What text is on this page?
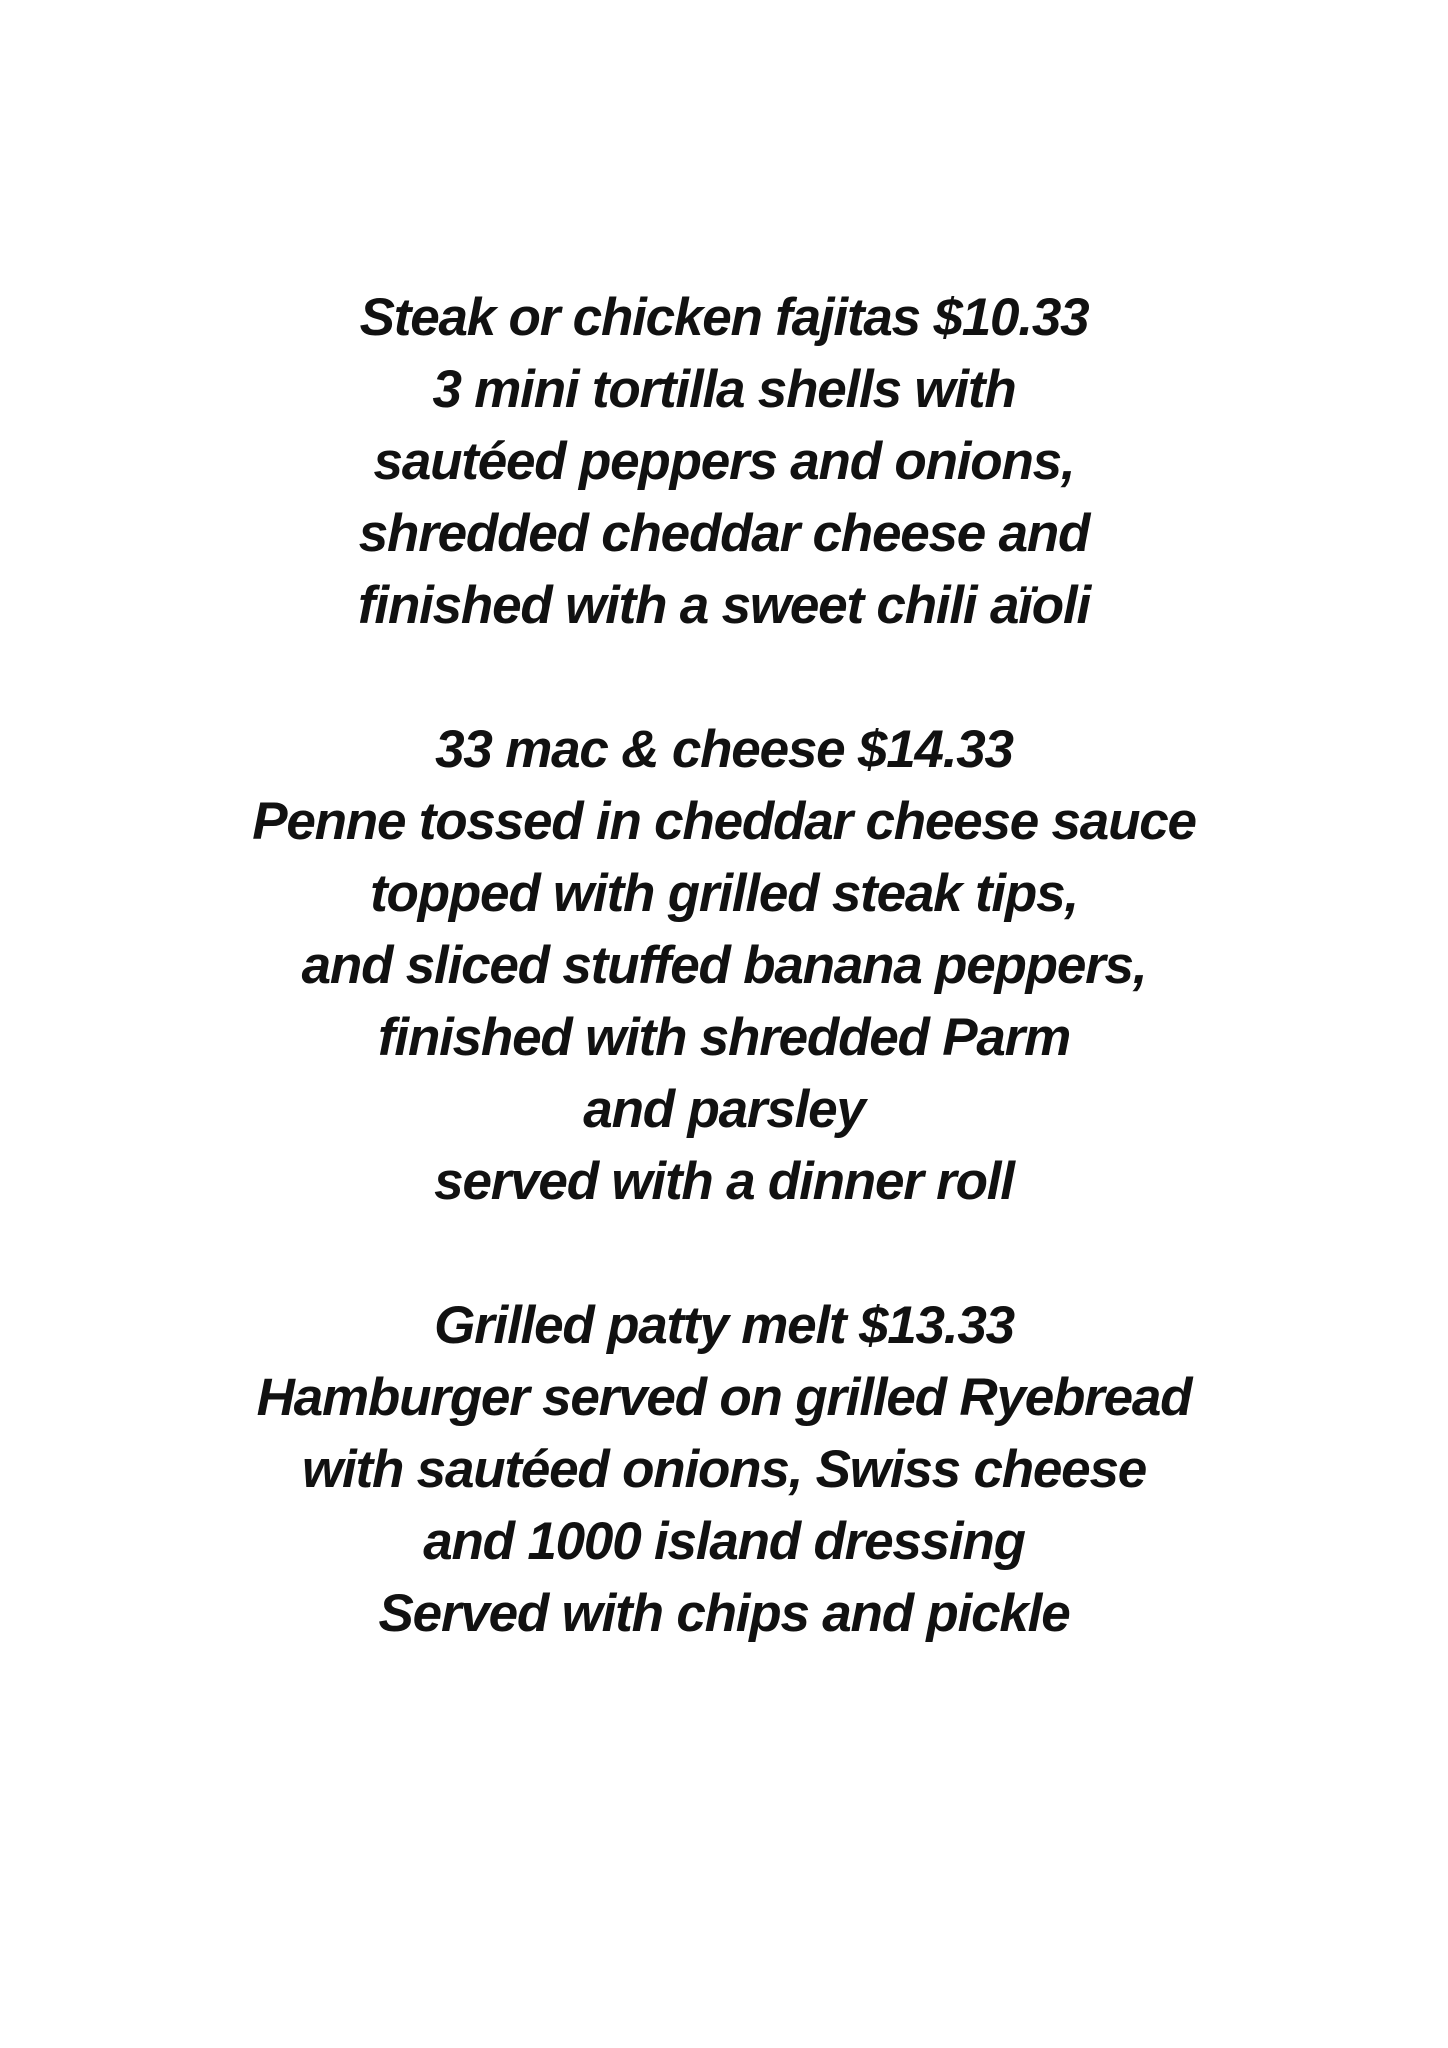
Steak or chicken fajitas $10.33
3 mini tortilla shells with
sautéed peppers and onions,
shredded cheddar cheese and
finished with a sweet chili aïoli
33 mac & cheese $14.33
Penne tossed in cheddar cheese sauce
topped with grilled steak tips,
and sliced stuffed banana peppers,
finished with shredded Parm
and parsley
served with a dinner roll
Grilled patty melt $13.33
Hamburger served on grilled Ryebread
with sautéed onions, Swiss cheese
and 1000 island dressing
Served with chips and pickle
